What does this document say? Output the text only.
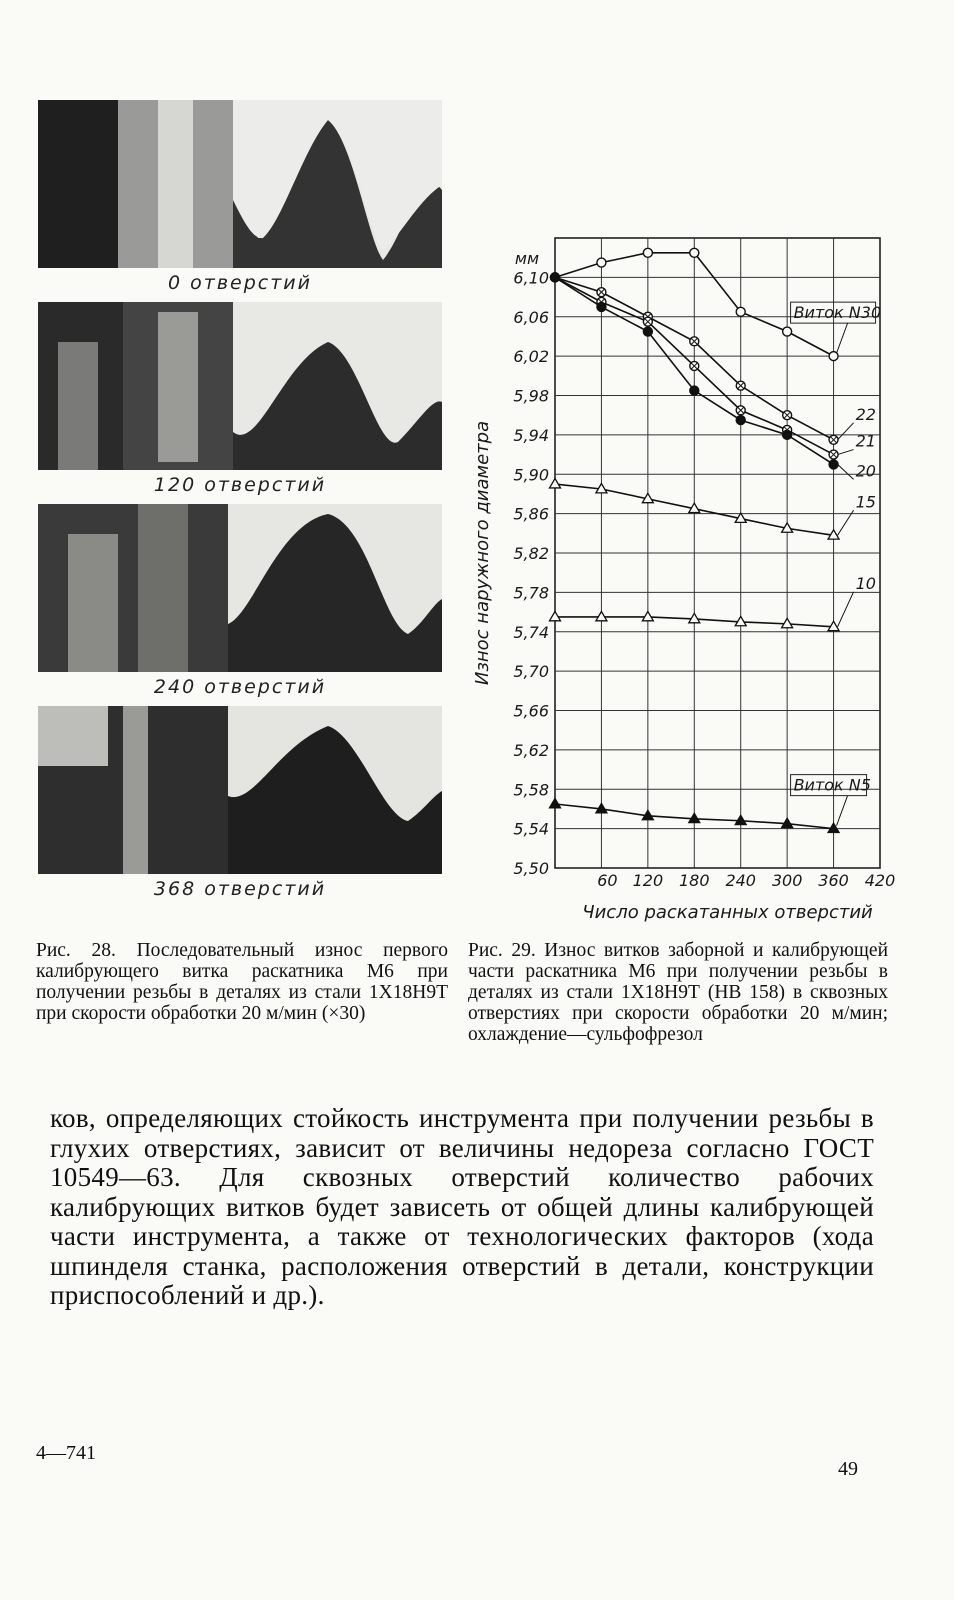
0 отверстий
120 отверстий
240 отверстий
368 отверстий	60 120 180 240 300 360 420
6,10
6,06
6,02
5,98
5,94
5,90
5,86
5,82
5,78
5,74
5,70
5,66
5,62
5,58
5,54
5,50
мм
Износ наружного диаметра
Число раскатанных отверстий
Виток N30
22
21
20
15
10
Виток N5
Рис. 28. Последовательный износ первого калибрующего витка раскатника М6 при получении резьбы в деталях из стали 1Х18Н9Т при скорости обработки 20 м/мин (×30)
Рис. 29. Износ витков заборной и калибрующей части раскатника М6 при получении резьбы в деталях из стали 1Х18Н9Т (НВ 158) в сквозных отверстиях при скорости обработки 20 м/мин; охлаждение—сульфофрезол
ков, определяющих стойкость инструмента при получении резьбы в глухих отверстиях, зависит от величины недореза согласно ГОСТ 10549—63. Для сквозных отверстий количество рабочих калибрующих витков будет зависеть от общей длины калибрующей части инструмента, а также от технологических факторов (хода шпинделя станка, расположения отверстий в детали, конструкции приспособлений и др.).
4—741
49
